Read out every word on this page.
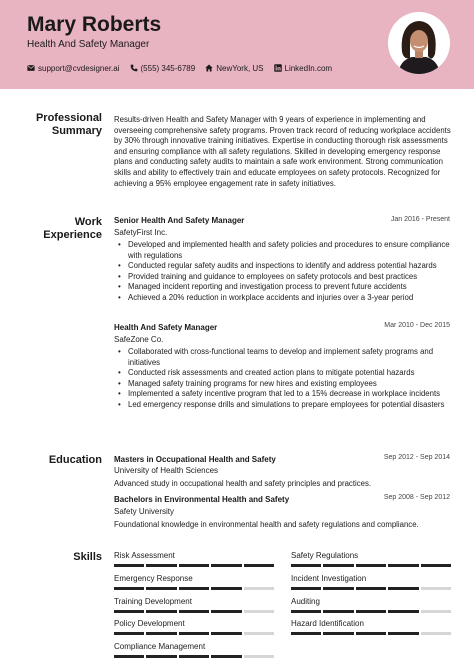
Mary Roberts
Health And Safety Manager
support@cvdesigner.ai	(555) 345-6789	NewYork, US	LinkedIn.com
Professional
Summary
Results-driven Health and Safety Manager with 9 years of experience in implementing and overseeing comprehensive safety programs. Proven track record of reducing workplace accidents by 30% through innovative training initiatives. Expertise in conducting thorough risk assessments and ensuring compliance with all safety regulations. Skilled in developing emergency response plans and conducting safety audits to maintain a safe work environment. Strong communication skills and ability to effectively train and educate employees on safety protocols. Recognized for achieving a 95% employee engagement rate in safety initiatives.
Work
Experience
Senior Health And Safety Manager	Jan 2016 - Present
SafetyFirst Inc.
• Developed and implemented health and safety policies and procedures to ensure compliance with regulations
• Conducted regular safety audits and inspections to identify and address potential hazards
• Provided training and guidance to employees on safety protocols and best practices
• Managed incident reporting and investigation process to prevent future accidents
• Achieved a 20% reduction in workplace accidents and injuries over a 3-year period
Health And Safety Manager	Mar 2010 - Dec 2015
SafeZone Co.
• Collaborated with cross-functional teams to develop and implement safety programs and initiatives
• Conducted risk assessments and created action plans to mitigate potential hazards
• Managed safety training programs for new hires and existing employees
• Implemented a safety incentive program that led to a 15% decrease in workplace incidents
• Led emergency response drills and simulations to prepare employees for potential disasters
Education Masters in Occupational Health and Safety	Sep 2012 - Sep 2014
University of Health Sciences
Advanced study in occupational health and safety principles and practices.
Bachelors in Environmental Health and Safety	Sep 2008 - Sep 2012
Safety University
Foundational knowledge in environmental health and safety regulations and compliance.
Skills Risk Assessment	Safety Regulations
Emergency Response	Incident Investigation
Training Development	Auditing
Policy Development	Hazard Identification
Compliance Management
